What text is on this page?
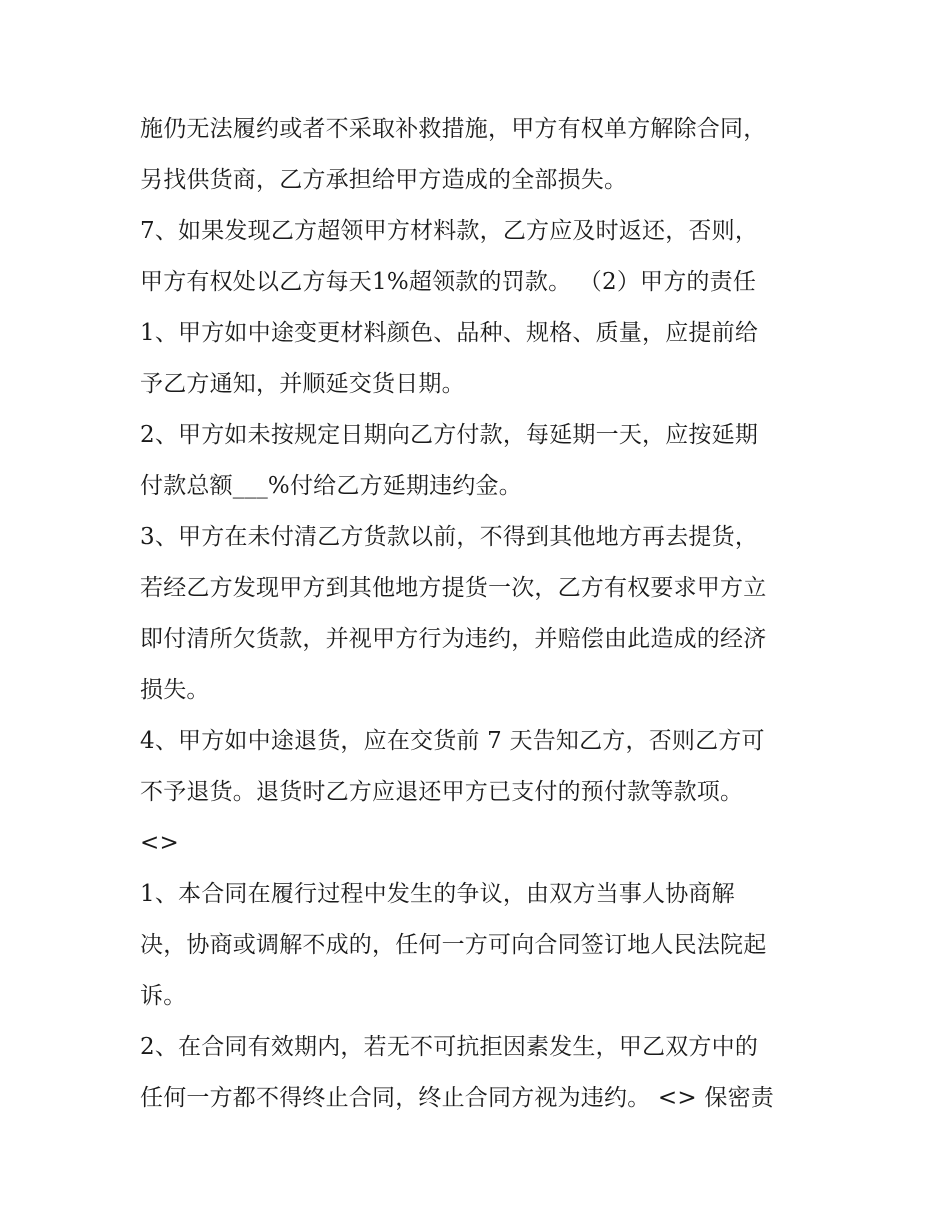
施仍无法履约或者不采取补救措施，甲方有权单方解除合同，
另找供货商，乙方承担给甲方造成的全部损失。
7、如果发现乙方超领甲方材料款，乙方应及时返还，否则，
甲方有权处以乙方每天1%超领款的罚款。 （2）甲方的责任
1、甲方如中途变更材料颜色、品种、规格、质量，应提前给
予乙方通知，并顺延交货日期。
2、甲方如未按规定日期向乙方付款，每延期一天，应按延期
付款总额___%付给乙方延期违约金。
3、甲方在未付清乙方货款以前，不得到其他地方再去提货，
若经乙方发现甲方到其他地方提货一次，乙方有权要求甲方立
即付清所欠货款，并视甲方行为违约，并赔偿由此造成的经济
损失。
4、甲方如中途退货，应在交货前 7 天告知乙方，否则乙方可
不予退货。退货时乙方应退还甲方已支付的预付款等款项。
<>
1、本合同在履行过程中发生的争议，由双方当事人协商解
决，协商或调解不成的，任何一方可向合同签订地人民法院起
诉。
2、在合同有效期内，若无不可抗拒因素发生，甲乙双方中的
任何一方都不得终止合同，终止合同方视为违约。 <> 保密责
